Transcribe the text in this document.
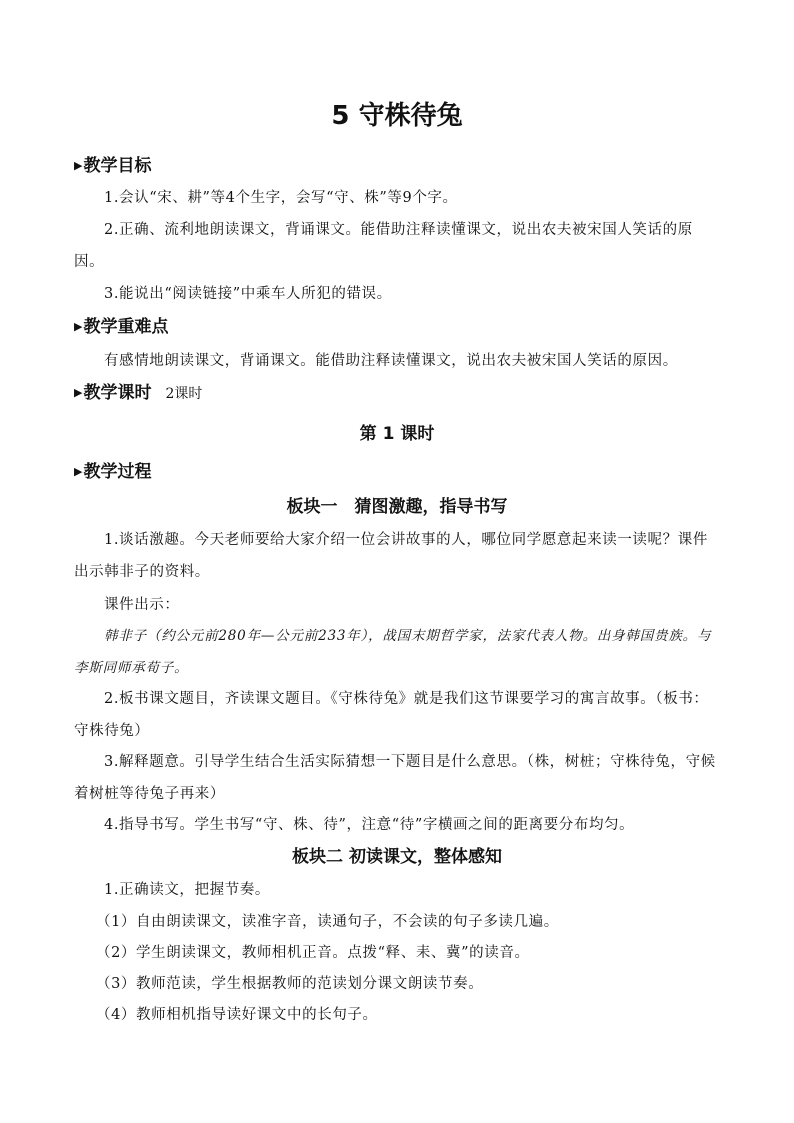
5 守株待兔
▶教学目标
1.会认“宋、耕”等4个生字，会写“守、株”等9个字。
2.正确、流利地朗读课文，背诵课文。能借助注释读懂课文，说出农夫被宋国人笑话的原因。
3.能说出“阅读链接”中乘车人所犯的错误。
▶教学重难点
有感情地朗读课文，背诵课文。能借助注释读懂课文，说出农夫被宋国人笑话的原因。
▶教学课时 2课时
第 1 课时
▶教学过程
板块一　猜图激趣，指导书写
1.谈话激趣。今天老师要给大家介绍一位会讲故事的人，哪位同学愿意起来读一读呢？课件出示韩非子的资料。
课件出示：
韩非子（约公元前280年—公元前233年），战国末期哲学家，法家代表人物。出身韩国贵族。与李斯同师承荀子。
2.板书课文题目，齐读课文题目。《守株待兔》就是我们这节课要学习的寓言故事。（板书：守株待兔）
3.解释题意。引导学生结合生活实际猜想一下题目是什么意思。（株，树桩；守株待兔，守候着树桩等待兔子再来）
4.指导书写。学生书写“守、株、待”，注意“待”字横画之间的距离要分布均匀。
板块二 初读课文，整体感知
1.正确读文，把握节奏。
（1）自由朗读课文，读准字音，读通句子，不会读的句子多读几遍。
（2）学生朗读课文，教师相机正音。点拨“释、耒、冀”的读音。
（3）教师范读，学生根据教师的范读划分课文朗读节奏。
（4）教师相机指导读好课文中的长句子。
